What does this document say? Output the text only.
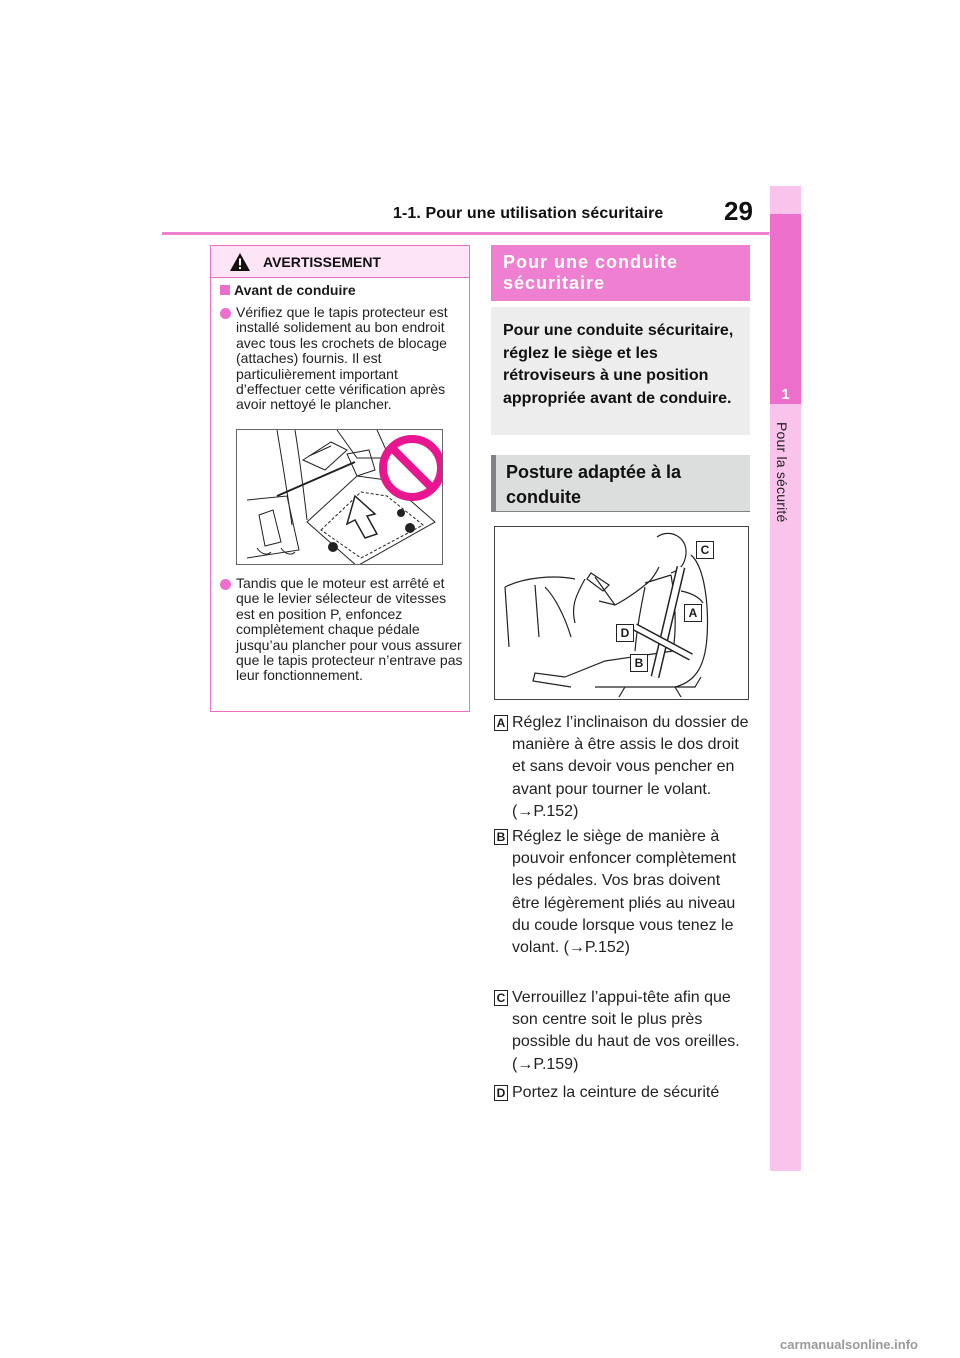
1-1. Pour une utilisation sécuritaire 29
1
Pour la sécurité
AVERTISSEMENT
Avant de conduire
Vérifiez que le tapis protecteur est installé solidement au bon endroit avec tous les crochets de blocage (attaches) fournis. Il est particulièrement important d’effectuer cette vérification après avoir nettoyé le plancher.
Tandis que le moteur est arrêté et que le levier sélecteur de vitesses est en position P, enfoncez complètement chaque pédale jusqu’au plancher pour vous assurer que le tapis protecteur n’entrave pas leur fonctionnement.
Pour une conduite sécuritaire
Pour une conduite sécuritaire, réglez le siège et les rétroviseurs à une position appropriée avant de conduire.
Posture adaptée à la conduite
C
A
D
B
A Réglez l’inclinaison du dossier de manière à être assis le dos droit et sans devoir vous pencher en avant pour tourner le volant. (→P.152)
B Réglez le siège de manière à pouvoir enfoncer complètement les pédales. Vos bras doivent être légèrement pliés au niveau du coude lorsque vous tenez le volant. (→P.152)
C Verrouillez l’appui-tête afin que son centre soit le plus près possible du haut de vos oreilles. (→P.159)
D Portez la ceinture de sécurité
carmanualsonline.info
